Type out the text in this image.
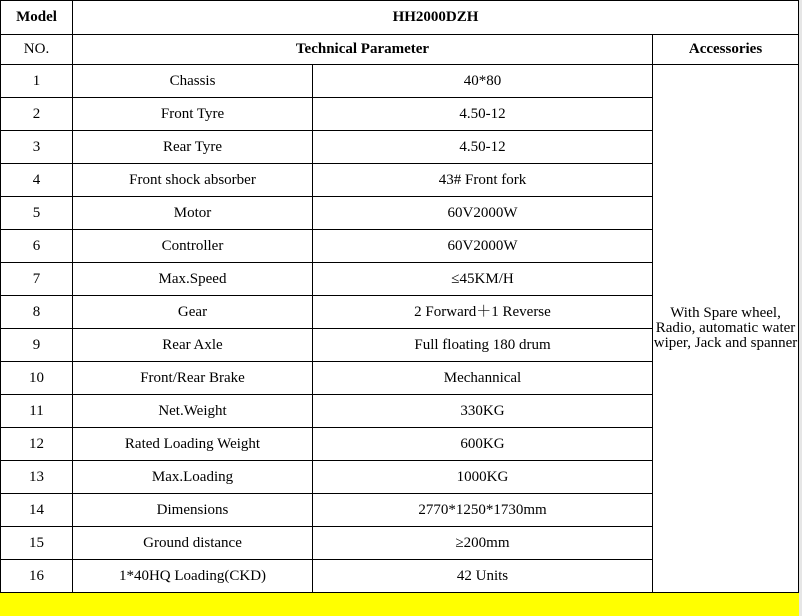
Model	HH2000DZH		
NO.	Technical Parameter		Accessories
1	Chassis	40*80	With Spare wheel, Radio, automatic water wiper, Jack and spanner
2	Front Tyre	4.50-12	
3	Rear Tyre	4.50-12	
4	Front shock absorber	43# Front fork	
5	Motor	60V2000W	
6	Controller	60V2000W	
7	Max.Speed	≤45KM/H	
8	Gear	2 Forward＋1 Reverse	
9	Rear Axle	Full floating 180 drum	
10	Front/Rear Brake	Mechannical	
11	Net.Weight	330KG	
12	Rated Loading Weight	600KG	
13	Max.Loading	1000KG	
14	Dimensions	2770*1250*1730mm	
15	Ground distance	≥200mm	
16	1*40HQ Loading(CKD)	42 Units	
